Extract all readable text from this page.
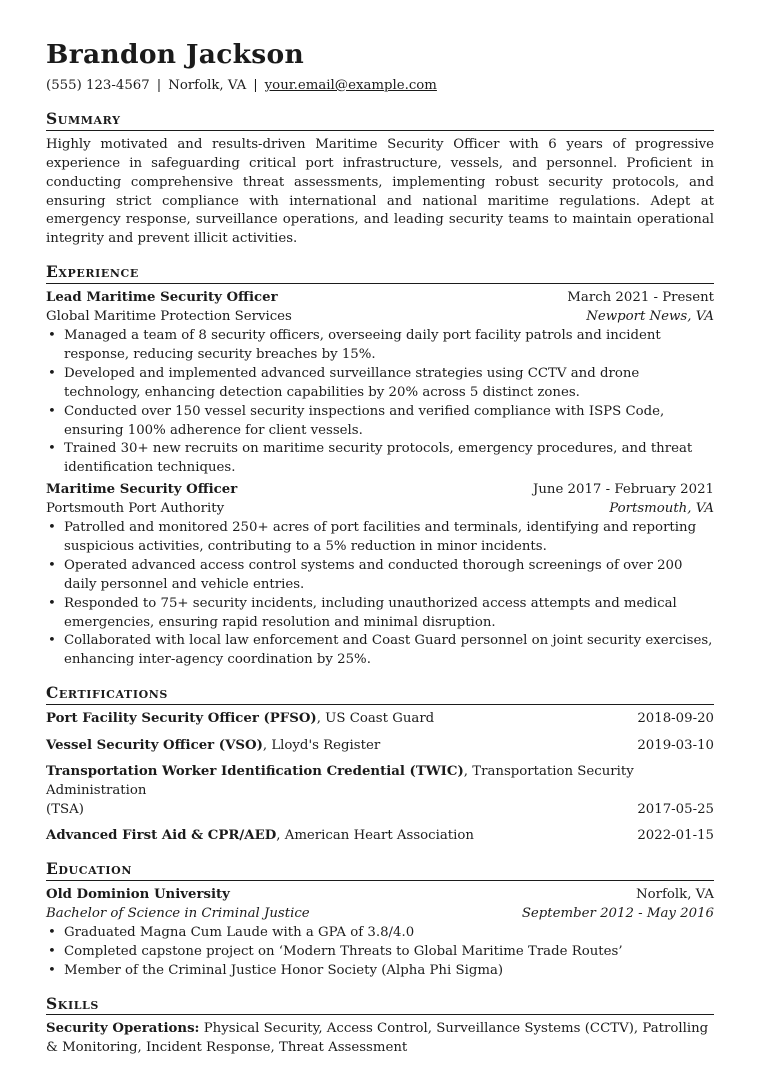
Brandon Jackson
(555) 123-4567 | Norfolk, VA | your.email@example.com
Summary
Highly motivated and results-driven Maritime Security Officer with 6 years of progressive experience in safeguarding critical port infrastructure, vessels, and personnel. Proficient in conducting comprehensive threat assessments, implementing robust security protocols, and ensuring strict compliance with international and national maritime regulations. Adept at emergency response, surveillance operations, and leading security teams to maintain operational integrity and prevent illicit activities.
Experience
Lead Maritime Security Officer	March 2021 - Present
Global Maritime Protection Services	Newport News, VA
• Managed a team of 8 security officers, overseeing daily port facility patrols and incident response, reducing security breaches by 15%.
• Developed and implemented advanced surveillance strategies using CCTV and drone technology, enhancing detection capabilities by 20% across 5 distinct zones.
• Conducted over 150 vessel security inspections and verified compliance with ISPS Code, ensuring 100% adherence for client vessels.
• Trained 30+ new recruits on maritime security protocols, emergency procedures, and threat identification techniques.
Maritime Security Officer	June 2017 - February 2021
Portsmouth Port Authority	Portsmouth, VA
• Patrolled and monitored 250+ acres of port facilities and terminals, identifying and reporting suspicious activities, contributing to a 5% reduction in minor incidents.
• Operated advanced access control systems and conducted thorough screenings of over 200 daily personnel and vehicle entries.
• Responded to 75+ security incidents, including unauthorized access attempts and medical emergencies, ensuring rapid resolution and minimal disruption.
• Collaborated with local law enforcement and Coast Guard personnel on joint security exercises, enhancing inter-agency coordination by 25%.
Certifications
Port Facility Security Officer (PFSO), US Coast Guard	2018-09-20
Vessel Security Officer (VSO), Lloyd's Register	2019-03-10
Transportation Worker Identification Credential (TWIC), Transportation Security Administration
(TSA)	2017-05-25
Advanced First Aid & CPR/AED, American Heart Association	2022-01-15
Education
Old Dominion University	Norfolk, VA
Bachelor of Science in Criminal Justice	September 2012 - May 2016
• Graduated Magna Cum Laude with a GPA of 3.8/4.0
• Completed capstone project on ‘Modern Threats to Global Maritime Trade Routes’
• Member of the Criminal Justice Honor Society (Alpha Phi Sigma)
Skills
Security Operations: Physical Security, Access Control, Surveillance Systems (CCTV), Patrolling & Monitoring, Incident Response, Threat Assessment
